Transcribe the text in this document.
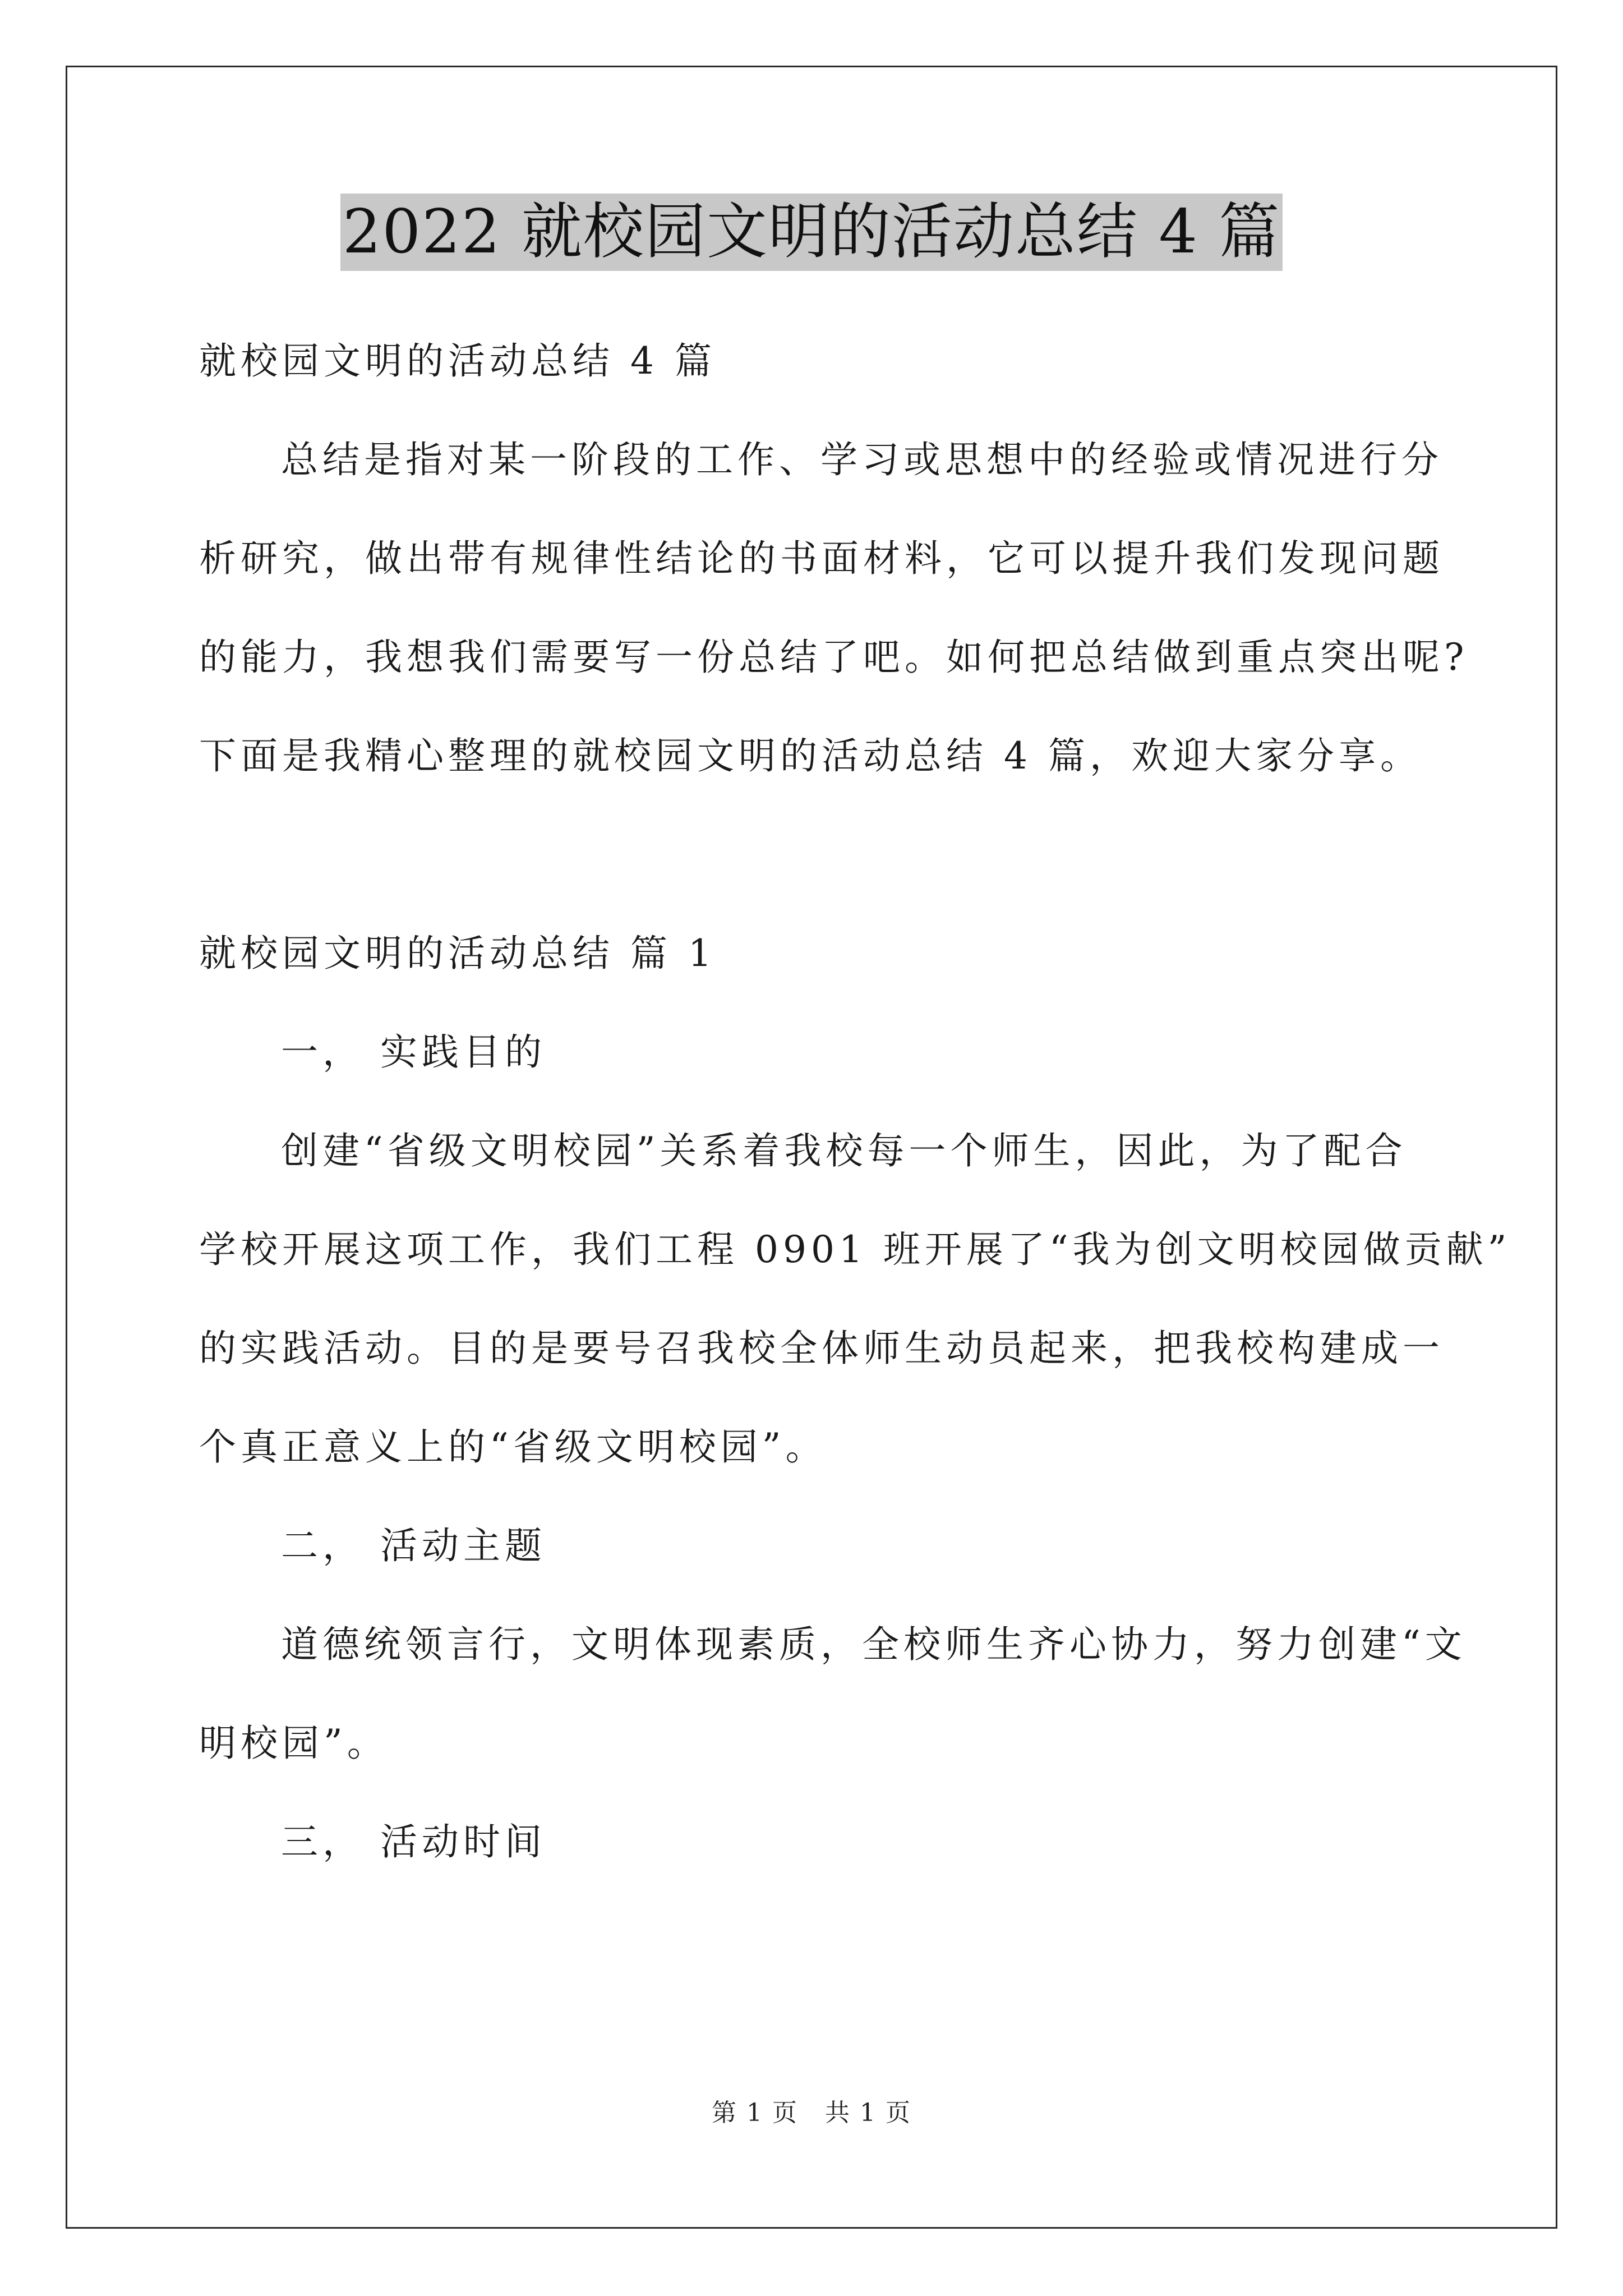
2022 就校园文明的活动总结 4 篇

就校园文明的活动总结 4 篇

总结是指对某一阶段的工作、学习或思想中的经验或情况进行分

析研究，做出带有规律性结论的书面材料，它可以提升我们发现问题

的能力，我想我们需要写一份总结了吧。如何把总结做到重点突出呢?

下面是我精心整理的就校园文明的活动总结 4 篇，欢迎大家分享。

就校园文明的活动总结 篇 1

一， 实践目的

创建“省级文明校园”关系着我校每一个师生，因此，为了配合

学校开展这项工作，我们工程 0901 班开展了“我为创文明校园做贡献”

的实践活动。目的是要号召我校全体师生动员起来，把我校构建成一

个真正意义上的“省级文明校园”。

二， 活动主题

道德统领言行，文明体现素质，全校师生齐心协力，努力创建“文

明校园”。

三， 活动时间

第 1 页 共 1 页
